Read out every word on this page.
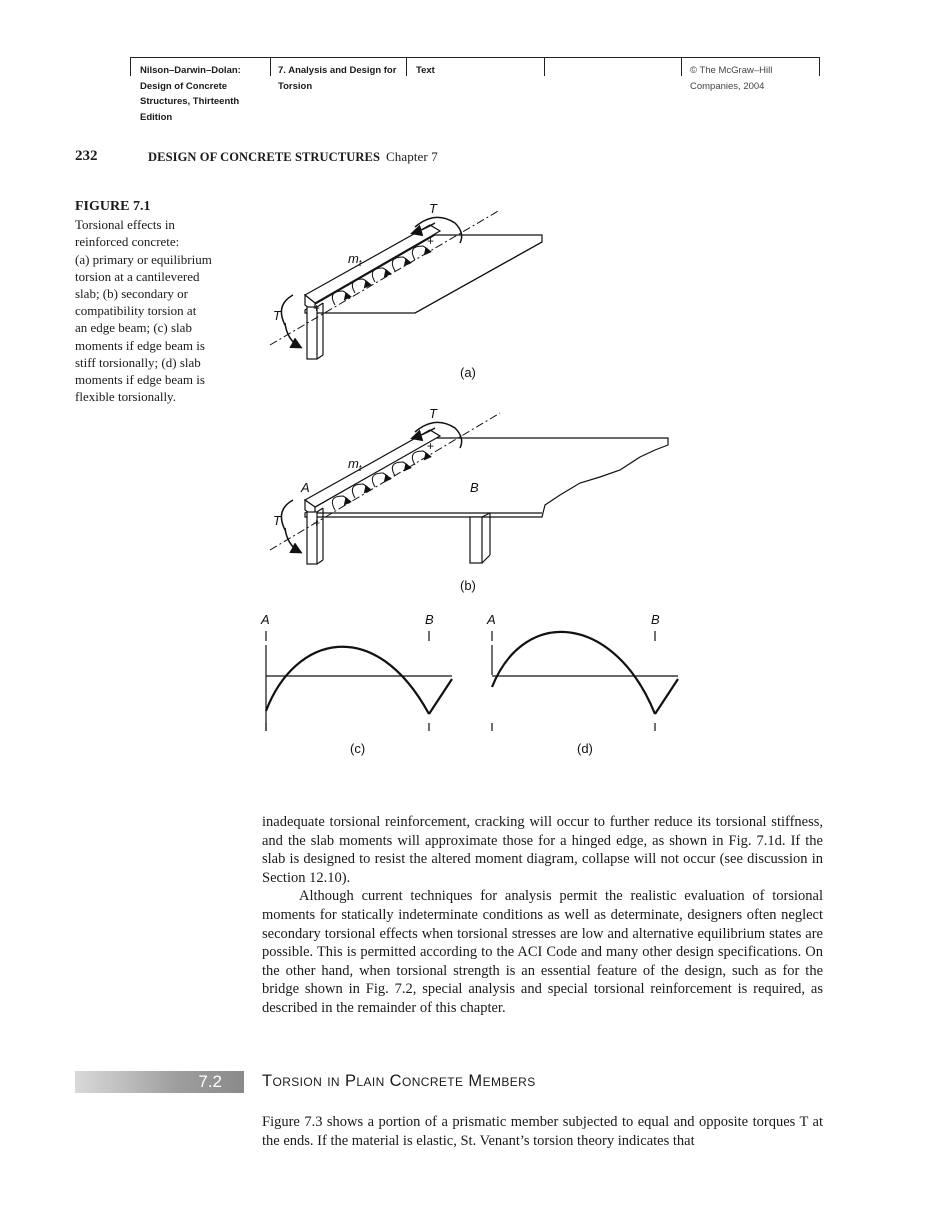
Nilson–Darwin–Dolan:
Design of Concrete
Structures, Thirteenth
Edition
7. Analysis and Design for
Torsion
Text	© The McGraw–Hill
Companies, 2004
232	DESIGN OF CONCRETE STRUCTURES Chapter 7
FIGURE 7.1
Torsional effects in
reinforced concrete:
(a) primary or equilibrium
torsion at a cantilevered
slab; (b) secondary or
compatibility torsion at
an edge beam; (c) slab
moments if edge beam is
stiff torsionally; (d) slab
moments if edge beam is
flexible torsionally.
T
T
$m_t$
+
+
(a)
T
T
$m_t$
A	B
+
+
(b)
A	B
(c)
A	B
(d)

inadequate torsional reinforcement, cracking will occur to further reduce its torsional stiffness, and the slab moments will approximate those for a hinged edge, as shown in Fig. 7.1d. If the slab is designed to resist the altered moment diagram, collapse will not occur (see discussion in Section 12.10).

Although current techniques for analysis permit the realistic evaluation of torsional moments for statically indeterminate conditions as well as determinate, designers often neglect secondary torsional effects when torsional stresses are low and alternative equilibrium states are possible. This is permitted according to the ACI Code and many other design specifications. On the other hand, when torsional strength is an essential feature of the design, such as for the bridge shown in Fig. 7.2, special analysis and special torsional reinforcement is required, as described in the remainder of this chapter.

7.2 Torsion in Plain Concrete Members

Figure 7.3 shows a portion of a prismatic member subjected to equal and opposite torques T at the ends. If the material is elastic, St. Venant’s torsion theory indicates that
